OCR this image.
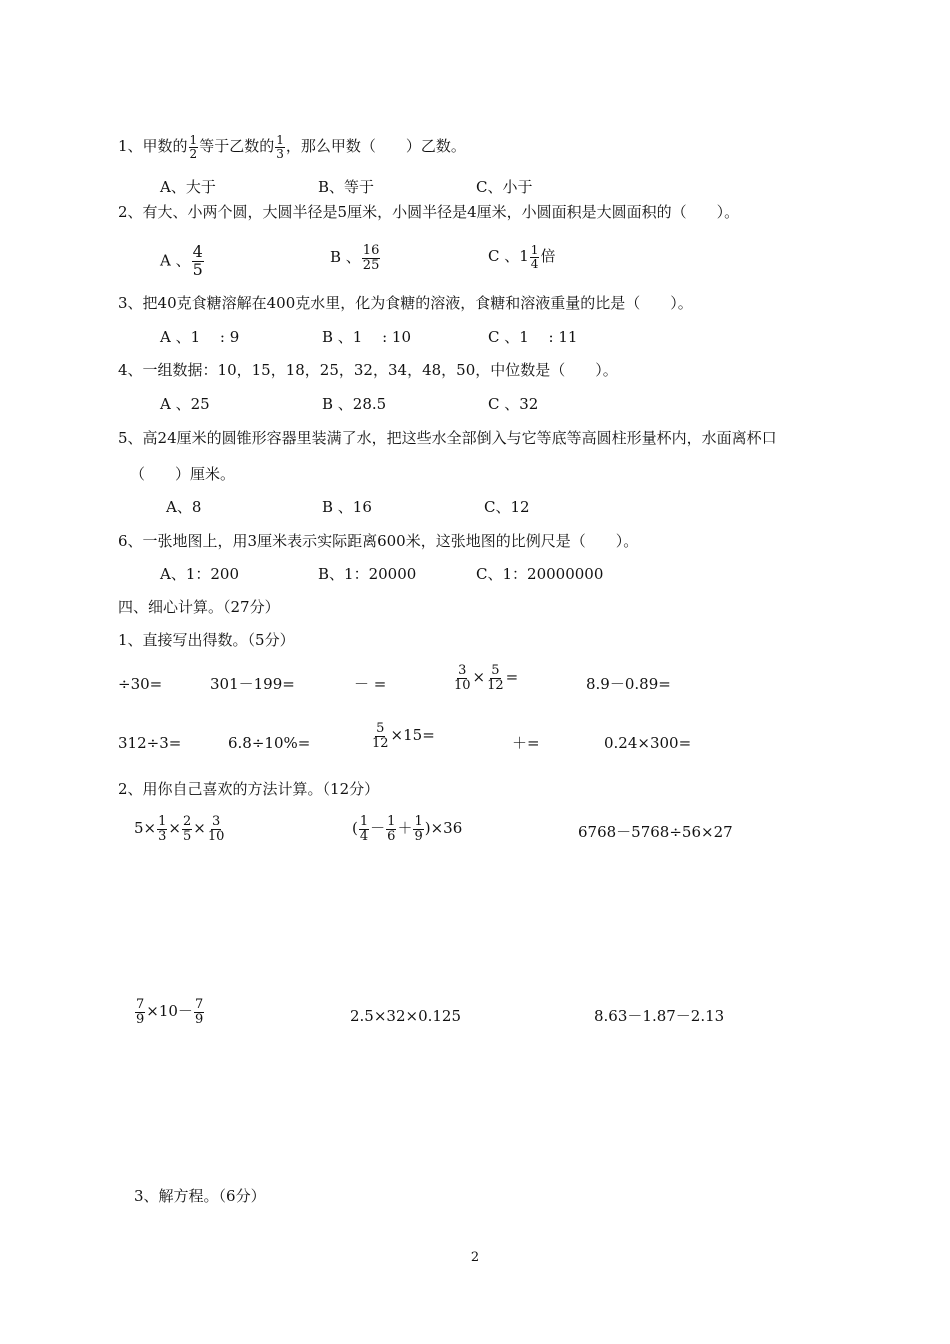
1、甲数的 $\frac{1}{2}$ 等于乙数的 $\frac{1}{3}$ ，那么甲数（　　）乙数。
A、大于	B、等于	C、小于
2、有大、小两个圆，大圆半径是5厘米，小圆半径是4厘米，小圆面积是大圆面积的（　　）。
A 、 $\frac{4}{5}$	B 、 $\frac{16}{25}$	C 、$1 \frac{1}{4}$ 倍
3、把40克食糖溶解在400克水里，化为食糖的溶液，食糖和溶液重量的比是（　　）。
A 、1 　: 9	B 、1 　: 10	C 、1 　: 11
4、一组数据：10，15，18，25，32，34，48，50，中位数是（　　）。
A 、25	B 、28.5	C 、32
5、高24厘米的圆锥形容器里装满了水，把这些水全部倒入与它等底等高圆柱形量杯内，水面离杯口
（　　）厘米。
A、8	B 、16	C、12
6、一张地图上，用3厘米表示实际距离600米，这张地图的比例尺是（　　）。
A、1：200	B、1：20000	C、1：20000000
四、细心计算。（27分）
1、直接写出得数。（5分）
÷30=	301－199=	－ =	$\frac{3}{10} \times \frac{5}{12}$ =	8.9－0.89=
312÷3=	6.8÷10%=	$\frac{5}{12} \times 15=$	＋=	0.24×300=
2、用你自己喜欢的方法计算。（12分）
$5\times \frac{1}{3} \times \frac{2}{5} \times \frac{3}{10}$	( $\frac{1}{4} - \frac{1}{6} + \frac{1}{9} )\times 36$	6768－5768÷56×27
$\frac{7}{9} \times 10- \frac{7}{9}$	2.5×32×0.125	8.63－1.87－2.13
3、解方程。（6分）
2
